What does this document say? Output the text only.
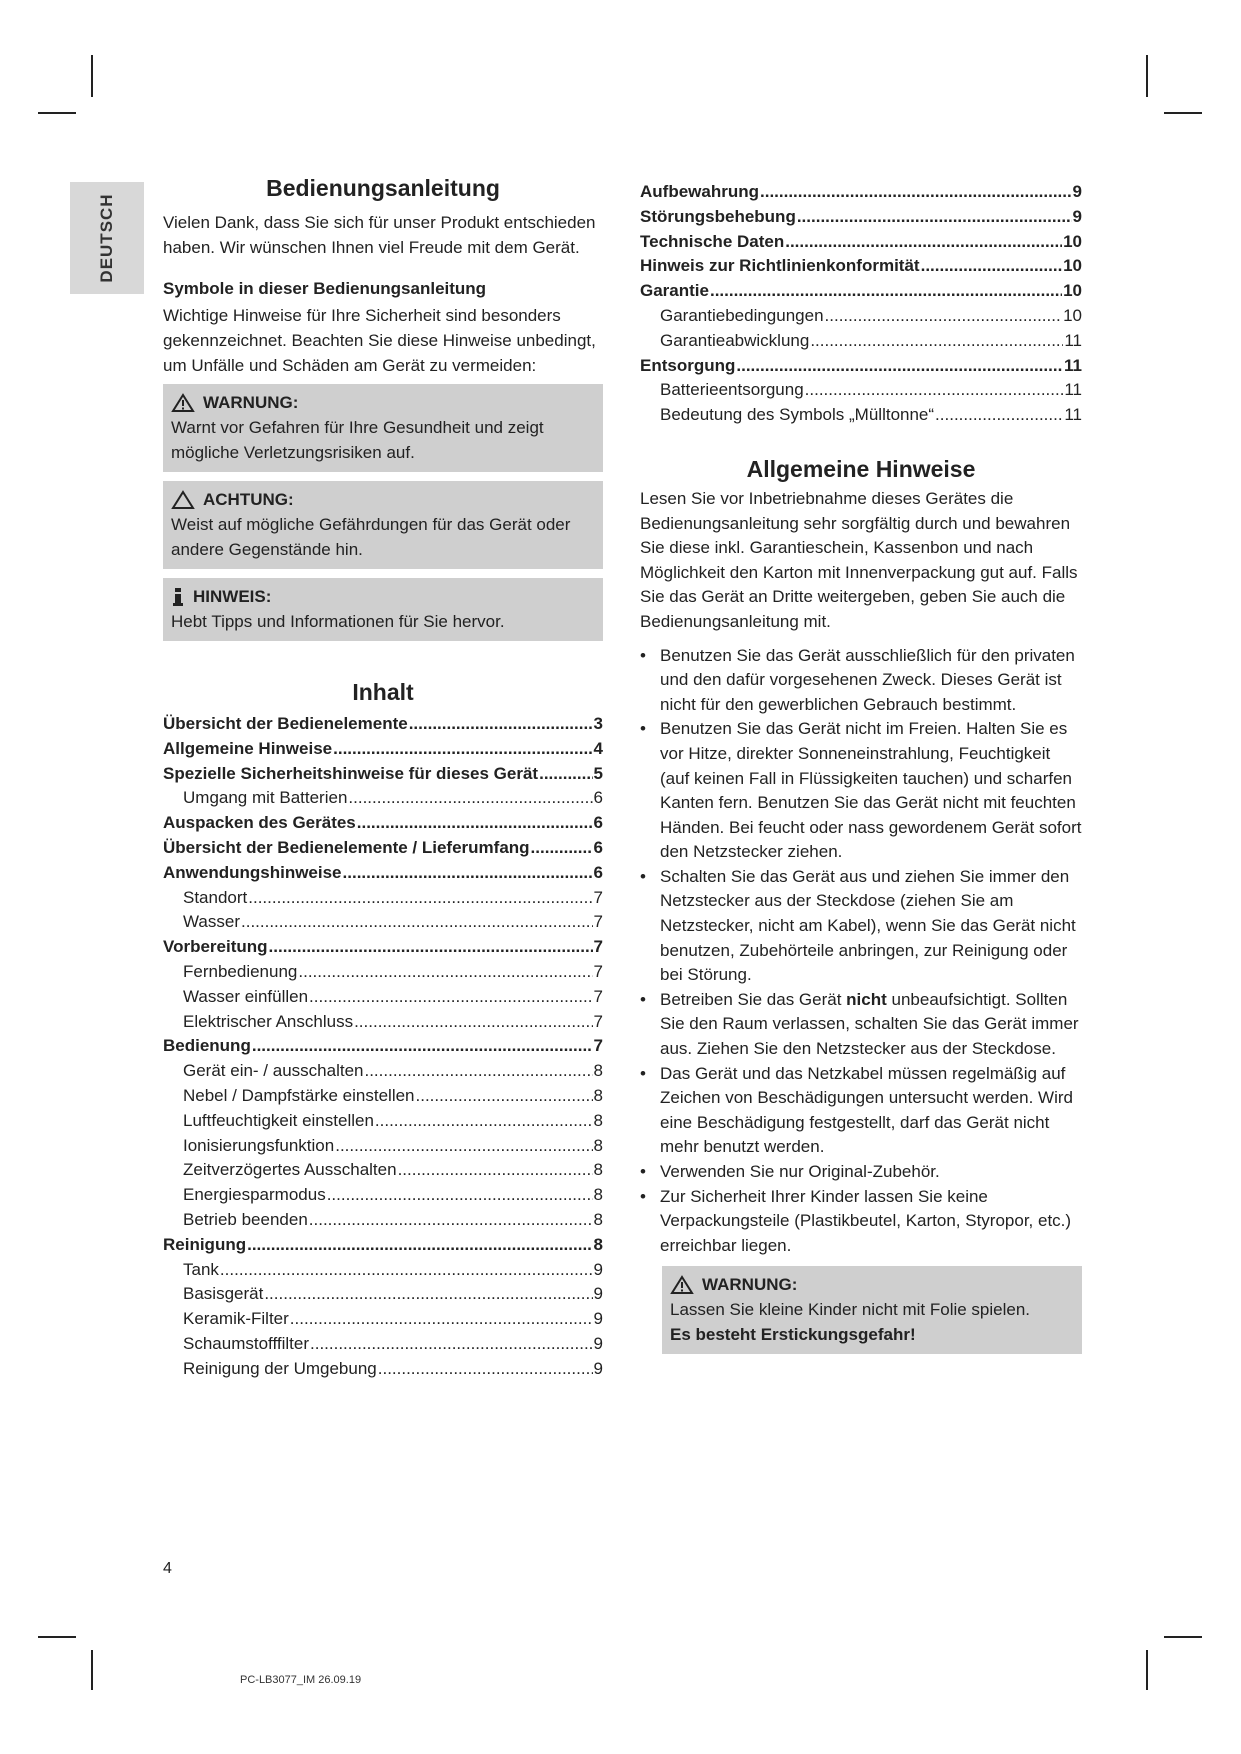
DEUTSCH
Bedienungsanleitung

Vielen Dank, dass Sie sich für unser Produkt entschieden haben. Wir wünschen Ihnen viel Freude mit dem Gerät.

Symbole in dieser Bedienungsanleitung

Wichtige Hinweise für Ihre Sicherheit sind besonders gekennzeichnet. Beachten Sie diese Hinweise unbedingt, um Unfälle und Schäden am Gerät zu vermeiden:

WARNUNG:

Warnt vor Gefahren für Ihre Gesundheit und zeigt mögliche Verletzungsrisiken auf.

ACHTUNG:

Weist auf mögliche Gefährdungen für das Gerät oder andere Gegenstände hin.

HINWEIS:

Hebt Tipps und Informationen für Sie hervor.

Inhalt
Übersicht der Bedienelemente .....	3
Allgemeine Hinweise .....	4
Spezielle Sicherheitshinweise für dieses Gerät .....	5
Umgang mit Batterien .....	6
Auspacken des Gerätes .....	6
Übersicht der Bedienelemente / Lieferumfang .....	6
Anwendungshinweise .....	6
Standort .....	7
Wasser .....	7
Vorbereitung .....	7
Fernbedienung .....	7
Wasser einfüllen .....	7
Elektrischer Anschluss .....	7
Bedienung .....	7
Gerät ein- / ausschalten .....	8
Nebel / Dampfstärke einstellen .....	8
Luftfeuchtigkeit einstellen .....	8
Ionisierungsfunktion .....	8
Zeitverzögertes Ausschalten .....	8
Energiesparmodus .....	8
Betrieb beenden .....	8
Reinigung .....	8
Tank .....	9
Basisgerät .....	9
Keramik-Filter .....	9
Schaumstofffilter .....	9
Reinigung der Umgebung .....	9
Aufbewahrung .....	9
Störungsbehebung .....	9
Technische Daten .....	10
Hinweis zur Richtlinienkonformität .....	10
Garantie .....	10
Garantiebedingungen .....	10
Garantieabwicklung .....	11
Entsorgung .....	11
Batterieentsorgung .....	11
Bedeutung des Symbols „Mülltonne“ .....	11
Allgemeine Hinweise

Lesen Sie vor Inbetriebnahme dieses Gerätes die Bedienungsanleitung sehr sorgfältig durch und bewahren Sie diese inkl. Garantieschein, Kassenbon und nach Möglichkeit den Karton mit Innenverpackung gut auf. Falls Sie das Gerät an Dritte weitergeben, geben Sie auch die Bedienungsanleitung mit.

• Benutzen Sie das Gerät ausschließlich für den privaten und den dafür vorgesehenen Zweck. Dieses Gerät ist nicht für den gewerblichen Gebrauch bestimmt.
• Benutzen Sie das Gerät nicht im Freien. Halten Sie es vor Hitze, direkter Sonneneinstrahlung, Feuchtigkeit (auf keinen Fall in Flüssigkeiten tauchen) und scharfen Kanten fern. Benutzen Sie das Gerät nicht mit feuchten Händen. Bei feucht oder nass gewordenem Gerät sofort den Netzstecker ziehen.
• Schalten Sie das Gerät aus und ziehen Sie immer den Netzstecker aus der Steckdose (ziehen Sie am Netzstecker, nicht am Kabel), wenn Sie das Gerät nicht benutzen, Zubehörteile anbringen, zur Reinigung oder bei Störung.
• Betreiben Sie das Gerät nicht unbeaufsichtigt. Sollten Sie den Raum verlassen, schalten Sie das Gerät immer aus. Ziehen Sie den Netzstecker aus der Steckdose.
• Das Gerät und das Netzkabel müssen regelmäßig auf Zeichen von Beschädigungen untersucht werden. Wird eine Beschädigung festgestellt, darf das Gerät nicht mehr benutzt werden.
• Verwenden Sie nur Original-Zubehör.
• Zur Sicherheit Ihrer Kinder lassen Sie keine Verpackungsteile (Plastikbeutel, Karton, Styropor, etc.) erreichbar liegen.
WARNUNG:

Lassen Sie kleine Kinder nicht mit Folie spielen.

Es besteht Erstickungsgefahr!

4
PC-LB3077_IM 26.09.19
